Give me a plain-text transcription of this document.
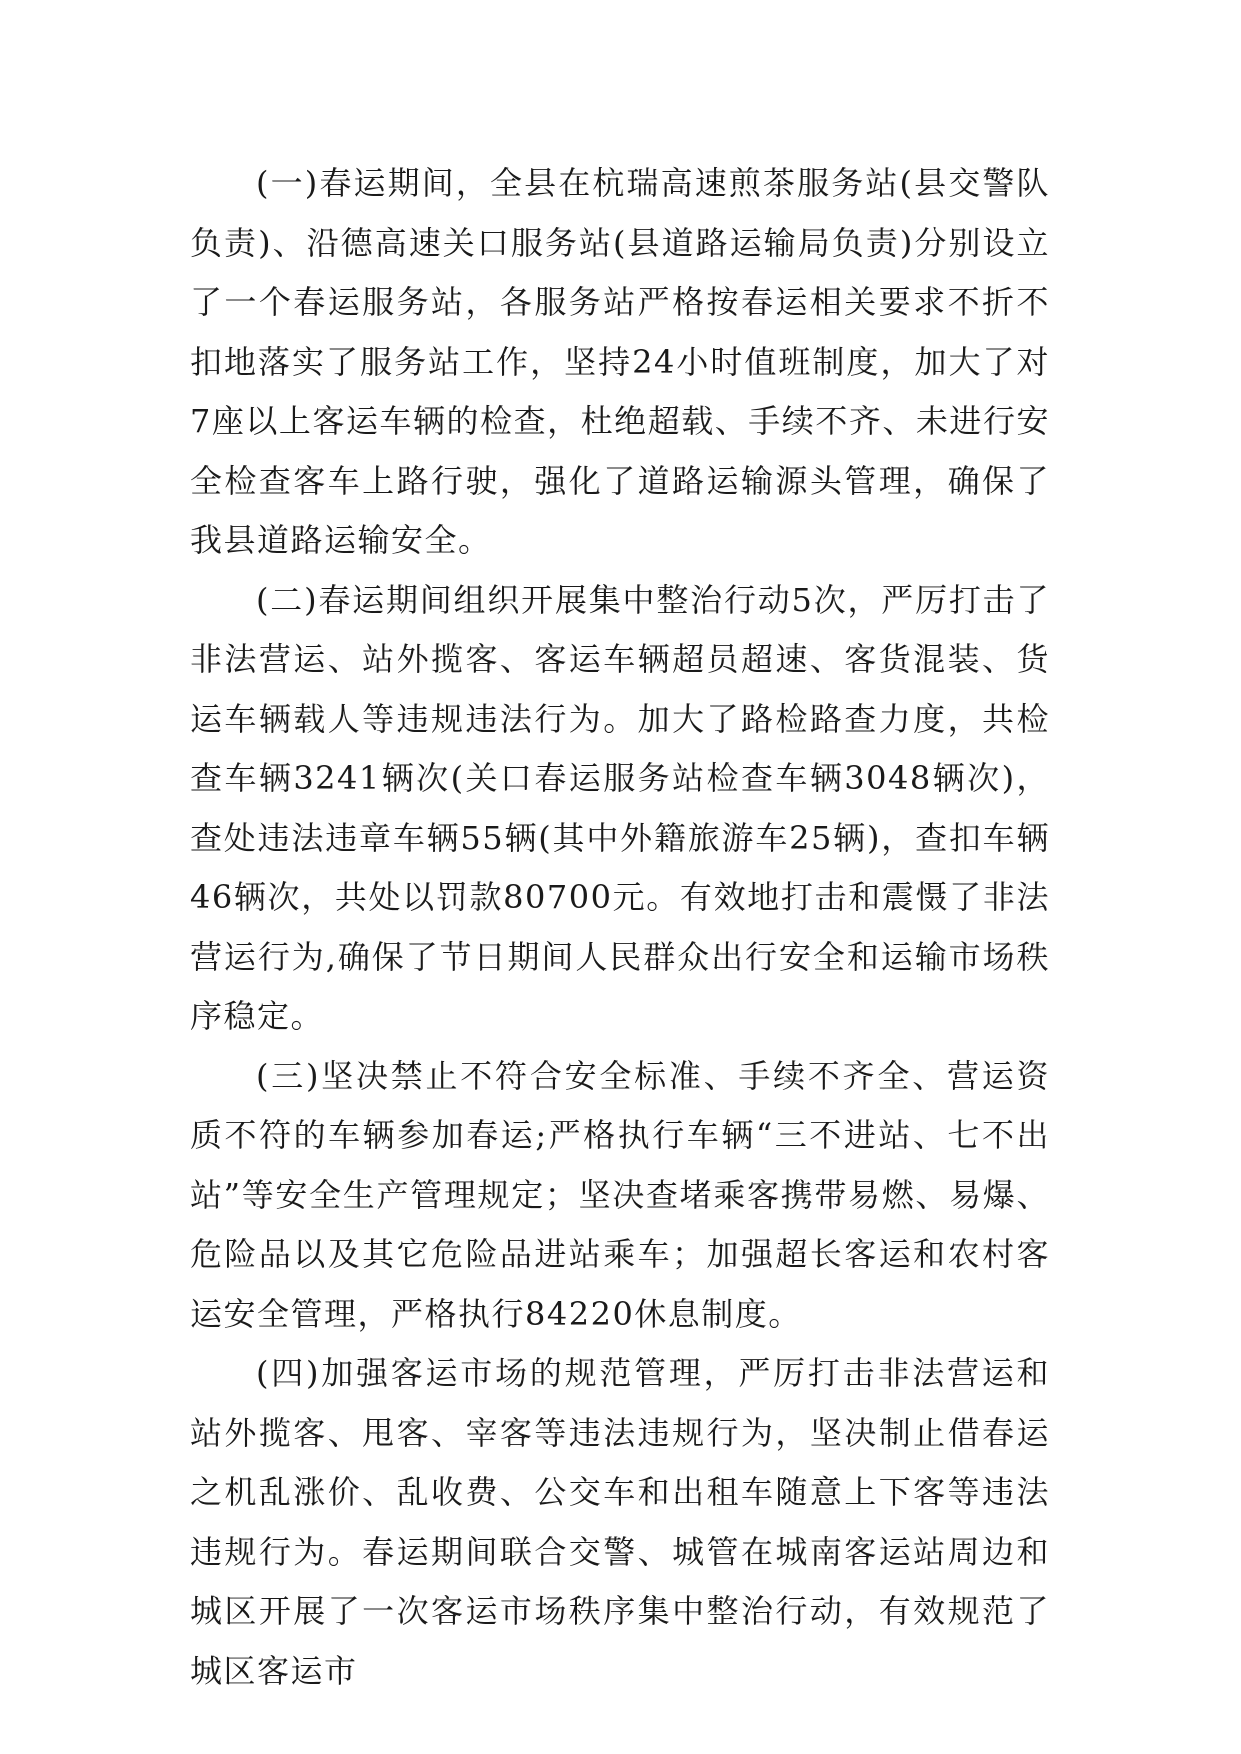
(一)春运期间，全县在杭瑞高速煎茶服务站(县交警队负责)、沿德高速关口服务站(县道路运输局负责)分别设立了一个春运服务站，各服务站严格按春运相关要求不折不扣地落实了服务站工作，坚持24小时值班制度，加大了对7座以上客运车辆的检查，杜绝超载、手续不齐、未进行安全检查客车上路行驶，强化了道路运输源头管理，确保了我县道路运输安全。

(二)春运期间组织开展集中整治行动5次，严厉打击了非法营运、站外揽客、客运车辆超员超速、客货混装、货运车辆载人等违规违法行为。加大了路检路查力度，共检查车辆3241辆次(关口春运服务站检查车辆3048辆次)，查处违法违章车辆55辆(其中外籍旅游车25辆)，查扣车辆46辆次，共处以罚款80700元。有效地打击和震慑了非法营运行为,确保了节日期间人民群众出行安全和运输市场秩序稳定。

(三)坚决禁止不符合安全标准、手续不齐全、营运资质不符的车辆参加春运;严格执行车辆“三不进站、七不出站”等安全生产管理规定；坚决查堵乘客携带易燃、易爆、危险品以及其它危险品进站乘车；加强超长客运和农村客运安全管理，严格执行84220休息制度。

(四)加强客运市场的规范管理，严厉打击非法营运和站外揽客、甩客、宰客等违法违规行为，坚决制止借春运之机乱涨价、乱收费、公交车和出租车随意上下客等违法违规行为。春运期间联合交警、城管在城南客运站周边和城区开展了一次客运市场秩序集中整治行动，有效规范了城区客运市
